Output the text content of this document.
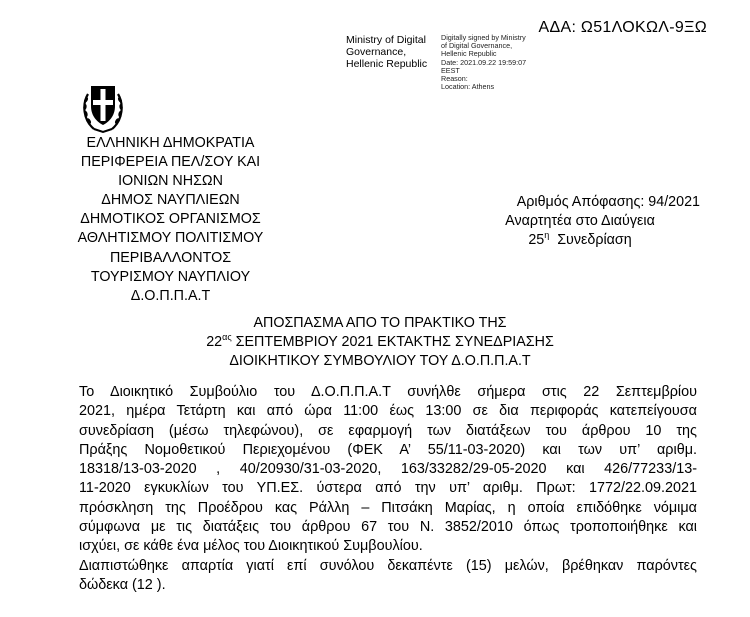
ΑΔΑ: Ω51ΛΟΚΩΛ-9ΞΩ
Ministry of Digital
Governance,
Hellenic Republic
Digitally signed by Ministry
of Digital Governance,
Hellenic Republic
Date: 2021.09.22 19:59:07
EEST
Reason:
Location: Athens
ΕΛΛΗΝΙΚΗ ΔΗΜΟΚΡΑΤΙΑ
ΠΕΡΙΦΕΡΕΙΑ ΠΕΛ/ΣΟΥ ΚΑΙ
ΙΟΝΙΩΝ ΝΗΣΩΝ
ΔΗΜΟΣ ΝΑΥΠΛΙΕΩΝ
ΔΗΜΟΤΙΚΟΣ ΟΡΓΑΝΙΣΜΟΣ
ΑΘΛΗΤΙΣΜΟΥ ΠΟΛΙΤΙΣΜΟΥ
ΠΕΡΙΒΑΛΛΟΝΤΟΣ
ΤΟΥΡΙΣΜΟΥ ΝΑΥΠΛΙΟΥ
Δ.Ο.Π.Π.Α.Τ
Αριθμός Απόφασης: 94/2021
Αναρτητέα στο Διαύγεια
$25^\eta$ Συνεδρίαση
ΑΠΟΣΠΑΣΜΑ ΑΠΟ ΤΟ ΠΡΑΚΤΙΚΟ ΤΗΣ
$22^{\alpha\varsigma}$ ΣΕΠΤΕΜΒΡΙΟΥ 2021 ΕΚΤΑΚΤΗΣ ΣΥΝΕΔΡΙΑΣΗΣ
ΔΙΟΙΚΗΤΙΚΟΥ ΣΥΜΒΟΥΛΙΟΥ ΤΟΥ Δ.Ο.Π.Π.Α.Τ

Το Διοικητικό Συμβούλιο του Δ.Ο.Π.Π.Α.Τ συνήλθε σήμερα στις 22 Σεπτεμβρίου
2021, ημέρα Τετάρτη και από ώρα 11:00 έως 13:00 σε δια περιφοράς κατεπείγουσα
συνεδρίαση (μέσω τηλεφώνου), σε εφαρμογή των διατάξεων του άρθρου 10 της
Πράξης Νομοθετικού Περιεχομένου (ΦΕΚ Α’ 55/11-03-2020) και των υπ’ αριθμ.
18318/13-03-2020 , 40/20930/31-03-2020, 163/33282/29-05-2020 και 426/77233/13-
11-2020 εγκυκλίων του ΥΠ.ΕΣ. ύστερα από την υπ’ αριθμ. Πρωτ: 1772/22.09.2021
πρόσκληση της Προέδρου κας Ράλλη – Πιτσάκη Μαρίας, η οποία επιδόθηκε νόμιμα
σύμφωνα με τις διατάξεις του άρθρου 67 του Ν. 3852/2010 όπως τροποποιήθηκε και
ισχύει, σε κάθε ένα μέλος του Διοικητικού Συμβουλίου.

Διαπιστώθηκε απαρτία γιατί επί συνόλου δεκαπέντε (15) μελών, βρέθηκαν παρόντες
δώδεκα (12 ).
